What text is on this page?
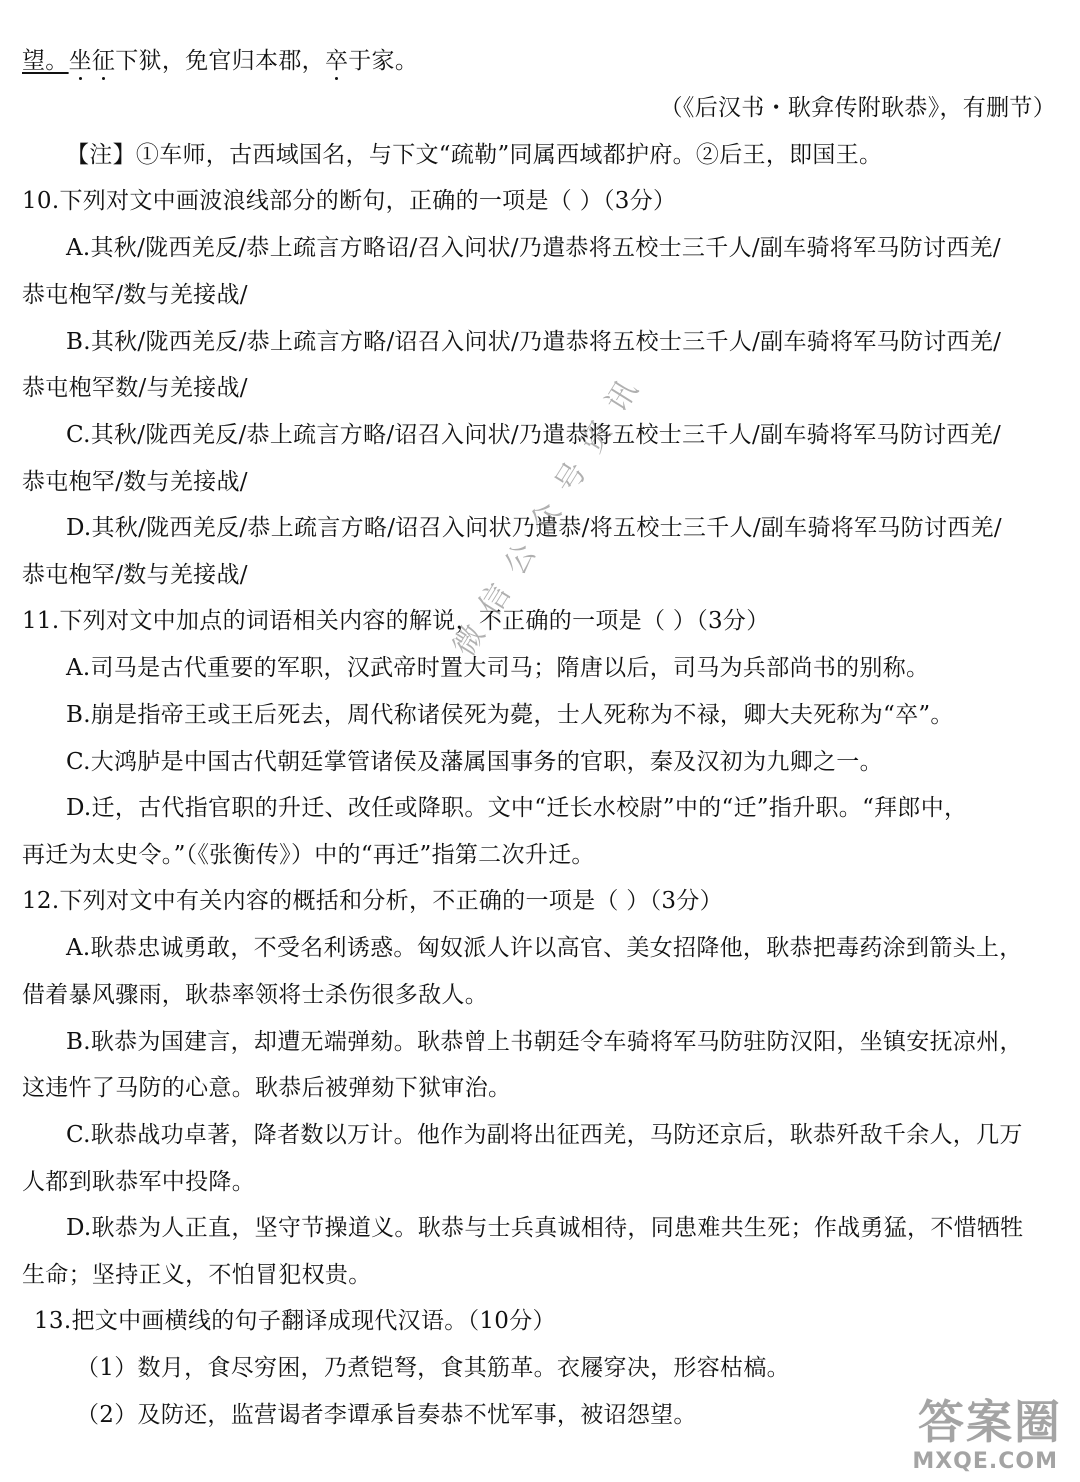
望。坐征下狱，免官归本郡，卒于家。
（《后汉书・耿弇传附耿恭》，有删节）
【注】①车师，古西域国名，与下文“疏勒”同属西域都护府。②后王，即国王。
10.下列对文中画波浪线部分的断句，正确的一项是（ ）（3分）
A.其秋/陇西羌反/恭上疏言方略诏/召入问状/乃遣恭将五校士三千人/副车骑将军马防讨西羌/
恭屯枹罕/数与羌接战/
B.其秋/陇西羌反/恭上疏言方略/诏召入问状/乃遣恭将五校士三千人/副车骑将军马防讨西羌/
恭屯枹罕数/与羌接战/
C.其秋/陇西羌反/恭上疏言方略/诏召入问状/乃遣恭将五校士三千人/副车骑将军马防讨西羌/
恭屯枹罕/数与羌接战/
D.其秋/陇西羌反/恭上疏言方略/诏召入问状乃遣恭/将五校士三千人/副车骑将军马防讨西羌/
恭屯枹罕/数与羌接战/
11.下列对文中加点的词语相关内容的解说，不正确的一项是（ ）（3分）
A.司马是古代重要的军职，汉武帝时置大司马；隋唐以后，司马为兵部尚书的别称。
B.崩是指帝王或王后死去，周代称诸侯死为薨，士人死称为不禄，卿大夫死称为“卒”。
C.大鸿胪是中国古代朝廷掌管诸侯及藩属国事务的官职，秦及汉初为九卿之一。
D.迁，古代指官职的升迁、改任或降职。文中“迁长水校尉”中的“迁”指升职。“拜郎中，
再迁为太史令。”（《张衡传》）中的“再迁”指第二次升迁。
12.下列对文中有关内容的概括和分析，不正确的一项是（ ）（3分）
A.耿恭忠诚勇敢，不受名利诱惑。匈奴派人许以高官、美女招降他，耿恭把毒药涂到箭头上，
借着暴风骤雨，耿恭率领将士杀伤很多敌人。
B.耿恭为国建言，却遭无端弹劾。耿恭曾上书朝廷令车骑将军马防驻防汉阳，坐镇安抚凉州，
这违忤了马防的心意。耿恭后被弹劾下狱审治。
C.耿恭战功卓著，降者数以万计。他作为副将出征西羌，马防还京后，耿恭歼敌千余人，几万
人都到耿恭军中投降。
D.耿恭为人正直，坚守节操道义。耿恭与士兵真诚相待，同患难共生死；作战勇猛，不惜牺牲
生命；坚持正义，不怕冒犯权贵。
13.把文中画横线的句子翻译成现代汉语。（10分）
（1）数月，食尽穷困，乃煮铠弩，食其筋革。衣屦穿决，形容枯槁。
（2）及防还，监营谒者李谭承旨奏恭不忧军事，被诏怨望。
微信公众号资讯
答案圈
MXQE.COM
